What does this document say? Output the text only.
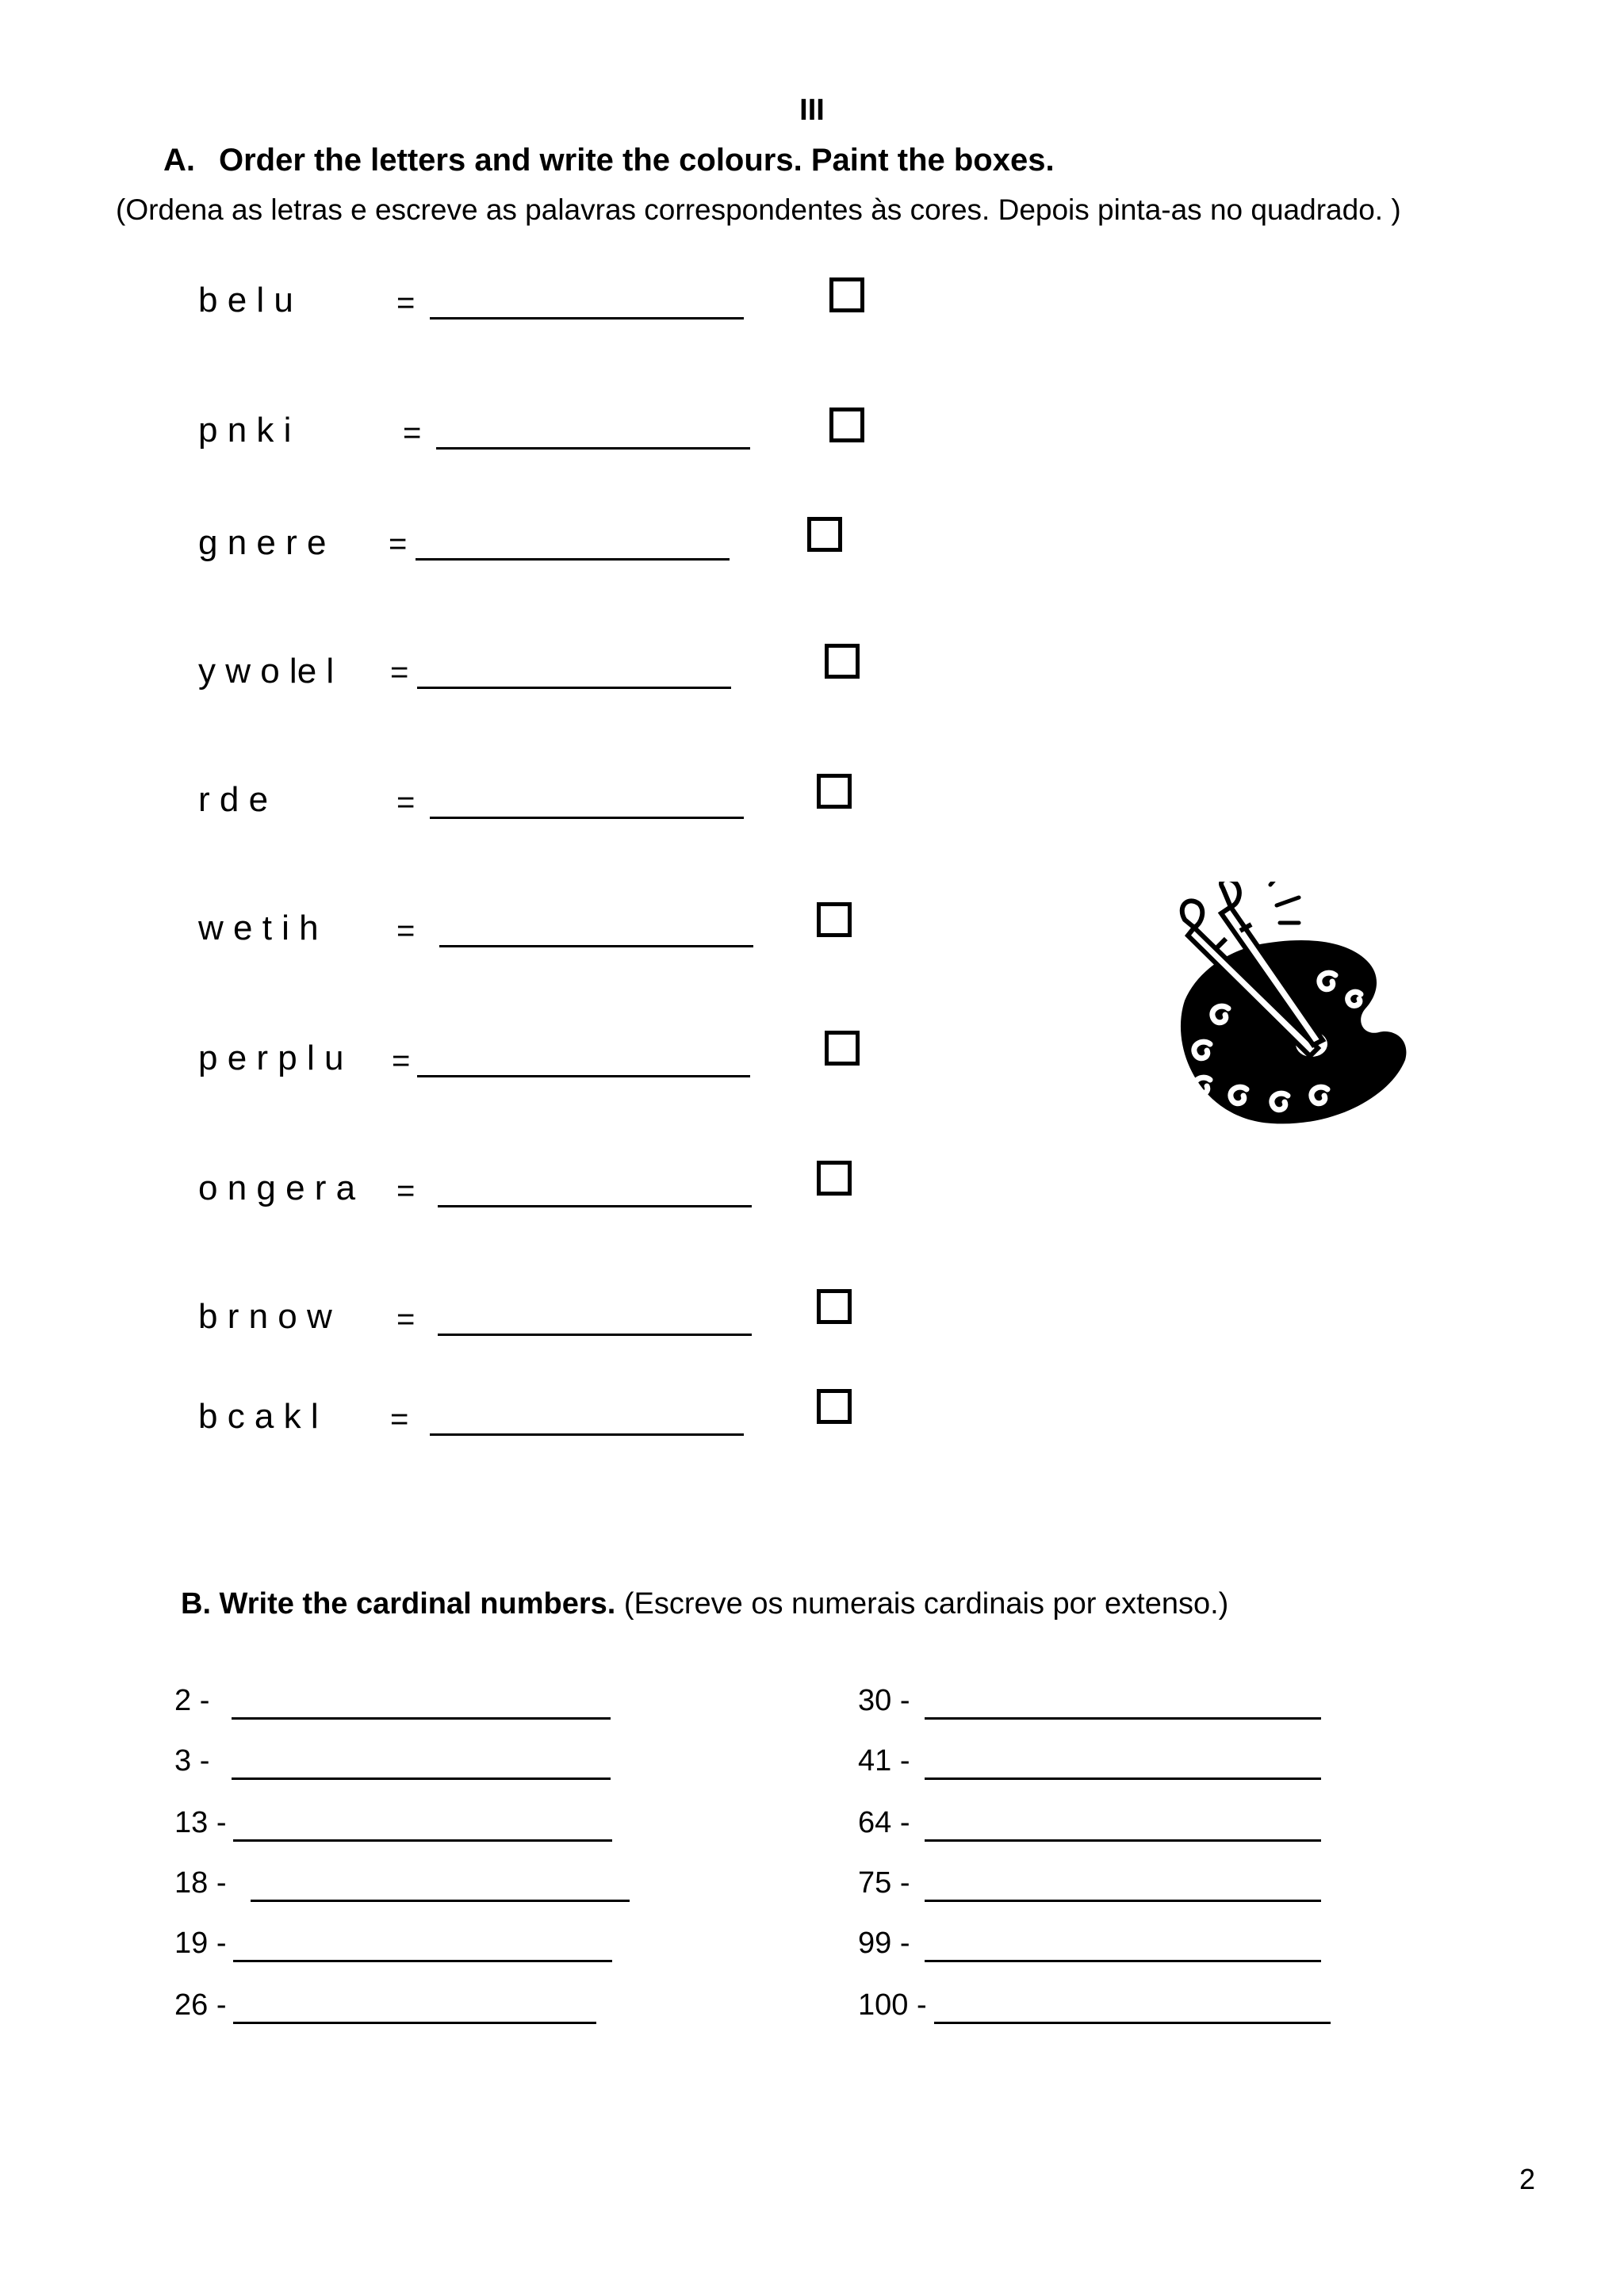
III
A. Order the letters and write the colours. Paint the boxes.
(Ordena as letras e escreve as palavras correspondentes às cores. Depois pinta-as no quadrado. )
b e l u	=
p n k i	=
g n e r e =
y w o le l =
r d e	=
w e t i h =
p e r p l u =
o n g e r a =
b r n o w =
b c a k l =
B. Write the cardinal numbers. (Escreve os numerais cardinais por extenso.)
2 -
3 -
13 -
18 -
19 -
26 -
30 -
41 -
64 -
75 -
99 -
100 -
2
